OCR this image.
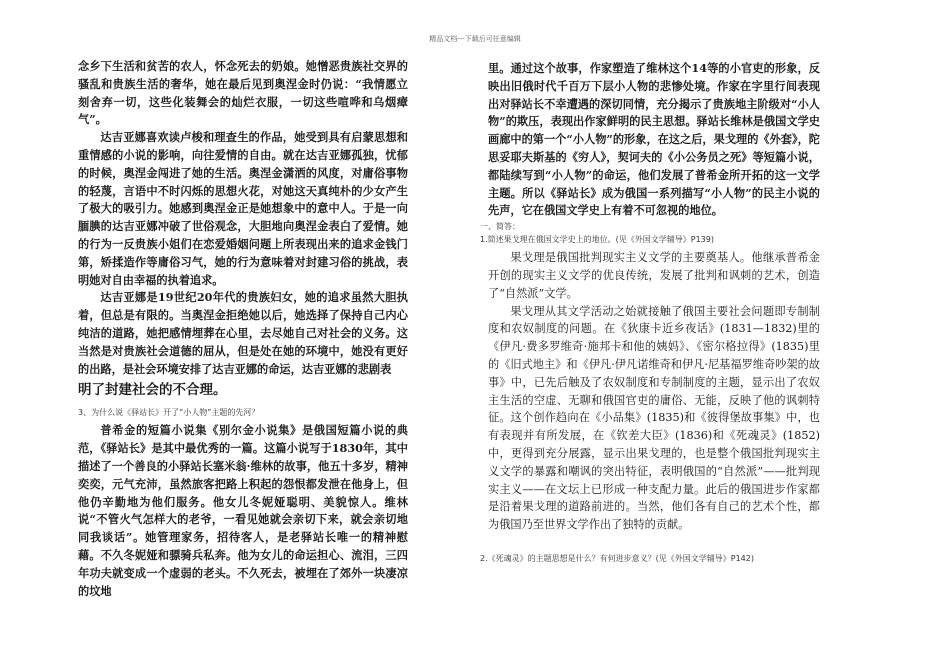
精品文档---下载后可任意编辑

念乡下生活和贫苦的农人，怀念死去的奶娘。她憎恶贵族社交界的骚乱和贵族生活的奢华，她在最后见到奥涅金时仍说：“我情愿立刻舍弃一切，这些化装舞会的灿烂衣服，一切这些喧哗和乌烟瘴气”。

达吉亚娜喜欢读卢梭和理查生的作品，她受到具有启蒙思想和重情感的小说的影响，向往爱情的自由。就在达吉亚娜孤独，忧郁的时候，奥涅金闯进了她的生活。奥涅金潇洒的风度，对庸俗事物的轻蔑，言语中不时闪烁的思想火花，对她这天真纯朴的少女产生了极大的吸引力。她感到奥涅金正是她想象中的意中人。于是一向腼腆的达吉亚娜冲破了世俗观念，大胆地向奥涅金表白了爱情。她的行为一反贵族小姐们在恋爱婚姻问题上所表现出来的追求金钱门第，矫揉造作等庸俗习气，她的行为意味着对封建习俗的挑战，表明她对自由幸福的执着追求。

达吉亚娜是19世纪20年代的贵族妇女，她的追求虽然大胆执着，但总是有限的。当奥涅金拒绝她以后，她选择了保持自己内心纯洁的道路，她把感情埋葬在心里，去尽她自己对社会的义务。这当然是对贵族社会道德的屈从，但是处在她的环境中，她没有更好的出路，是社会环境安排了达吉亚娜的命运，达吉亚娜的悲剧表

明了封建社会的不合理。

3、为什么说《驿站长》开了“小人物”主题的先河？

普希金的短篇小说集《别尔金小说集》是俄国短篇小说的典范，《驿站长》是其中最优秀的一篇。这篇小说写于1830年，其中描述了一个善良的小驿站长塞米翁·维林的故事，他五十多岁，精神奕奕，元气充沛，虽然旅客把路上积起的怨恨都发泄在他身上，但他仍辛勤地为他们服务。他女儿冬妮娅聪明、美貌惊人。维林说“不管火气怎样大的老爷，一看见她就会亲切下来，就会亲切地同我谈话”。她管理家务，招待客人，是老驿站长唯一的精神慰藉。不久冬妮娅和骠骑兵私奔。他为女儿的命运担心、流泪，三四年功夫就变成一个虚弱的老头。不久死去，被埋在了郊外一块凄凉的坟地

里。通过这个故事，作家塑造了维林这个14等的小官吏的形象，反映出旧俄时代千百万下层小人物的悲惨处境。作家在字里行间表现出对驿站长不幸遭遇的深切同情，充分揭示了贵族地主阶级对“小人物”的欺压，表现出作家鲜明的民主思想。驿站长维林是俄国文学史画廊中的第一个“小人物”的形象，在这之后，果戈理的《外套》，陀思妥耶夫斯基的《穷人》，契诃夫的《小公务员之死》等短篇小说，都陆续写到“小人物”的命运，他们发展了普希金所开拓的这一文学主题。所以《驿站长》成为俄国一系列描写“小人物”的民主小说的先声，它在俄国文学史上有着不可忽视的地位。

一、简答：

1.简述果戈理在俄国文学史上的地位。(见《外国文学辅导》P139)

果戈理是俄国批判现实主义文学的主要奠基人。他继承普希金开创的现实主义文学的优良传统，发展了批判和讽刺的艺术，创造了“自然派”文学。

果戈理从其文学活动之始就接触了俄国主要社会问题即专制制度和农奴制度的问题。在《狄康卡近乡夜话》(1831—1832)里的《伊凡·费多罗维奇·施邦卡和他的姨妈》、《密尔格拉得》(1835)里的《旧式地主》和《伊凡·伊凡诺维奇和伊凡·尼基福罗维奇吵架的故事》中，已先后触及了农奴制度和专制制度的主题，显示出了农奴主生活的空虚、无聊和俄国官吏的庸俗、无能，反映了他的讽刺特征。这个创作趋向在《小品集》(1835)和《彼得堡故事集》中，也有表现并有所发展，在《钦差大臣》(1836)和《死魂灵》(1852)中，更得到充分展露，显示出果戈理的，也是整个俄国批判现实主义文学的暴露和嘲讽的突出特征，表明俄国的“自然派”——批判现实主义——在文坛上已形成一种支配力量。此后的俄国进步作家都是沿着果戈理的道路前进的。当然，他们各有自己的艺术个性，都为俄国乃至世界文学作出了独特的贡献。

2.《死魂灵》的主题思想是什么？有何进步意义？(见《外国文学辅导》P142)
